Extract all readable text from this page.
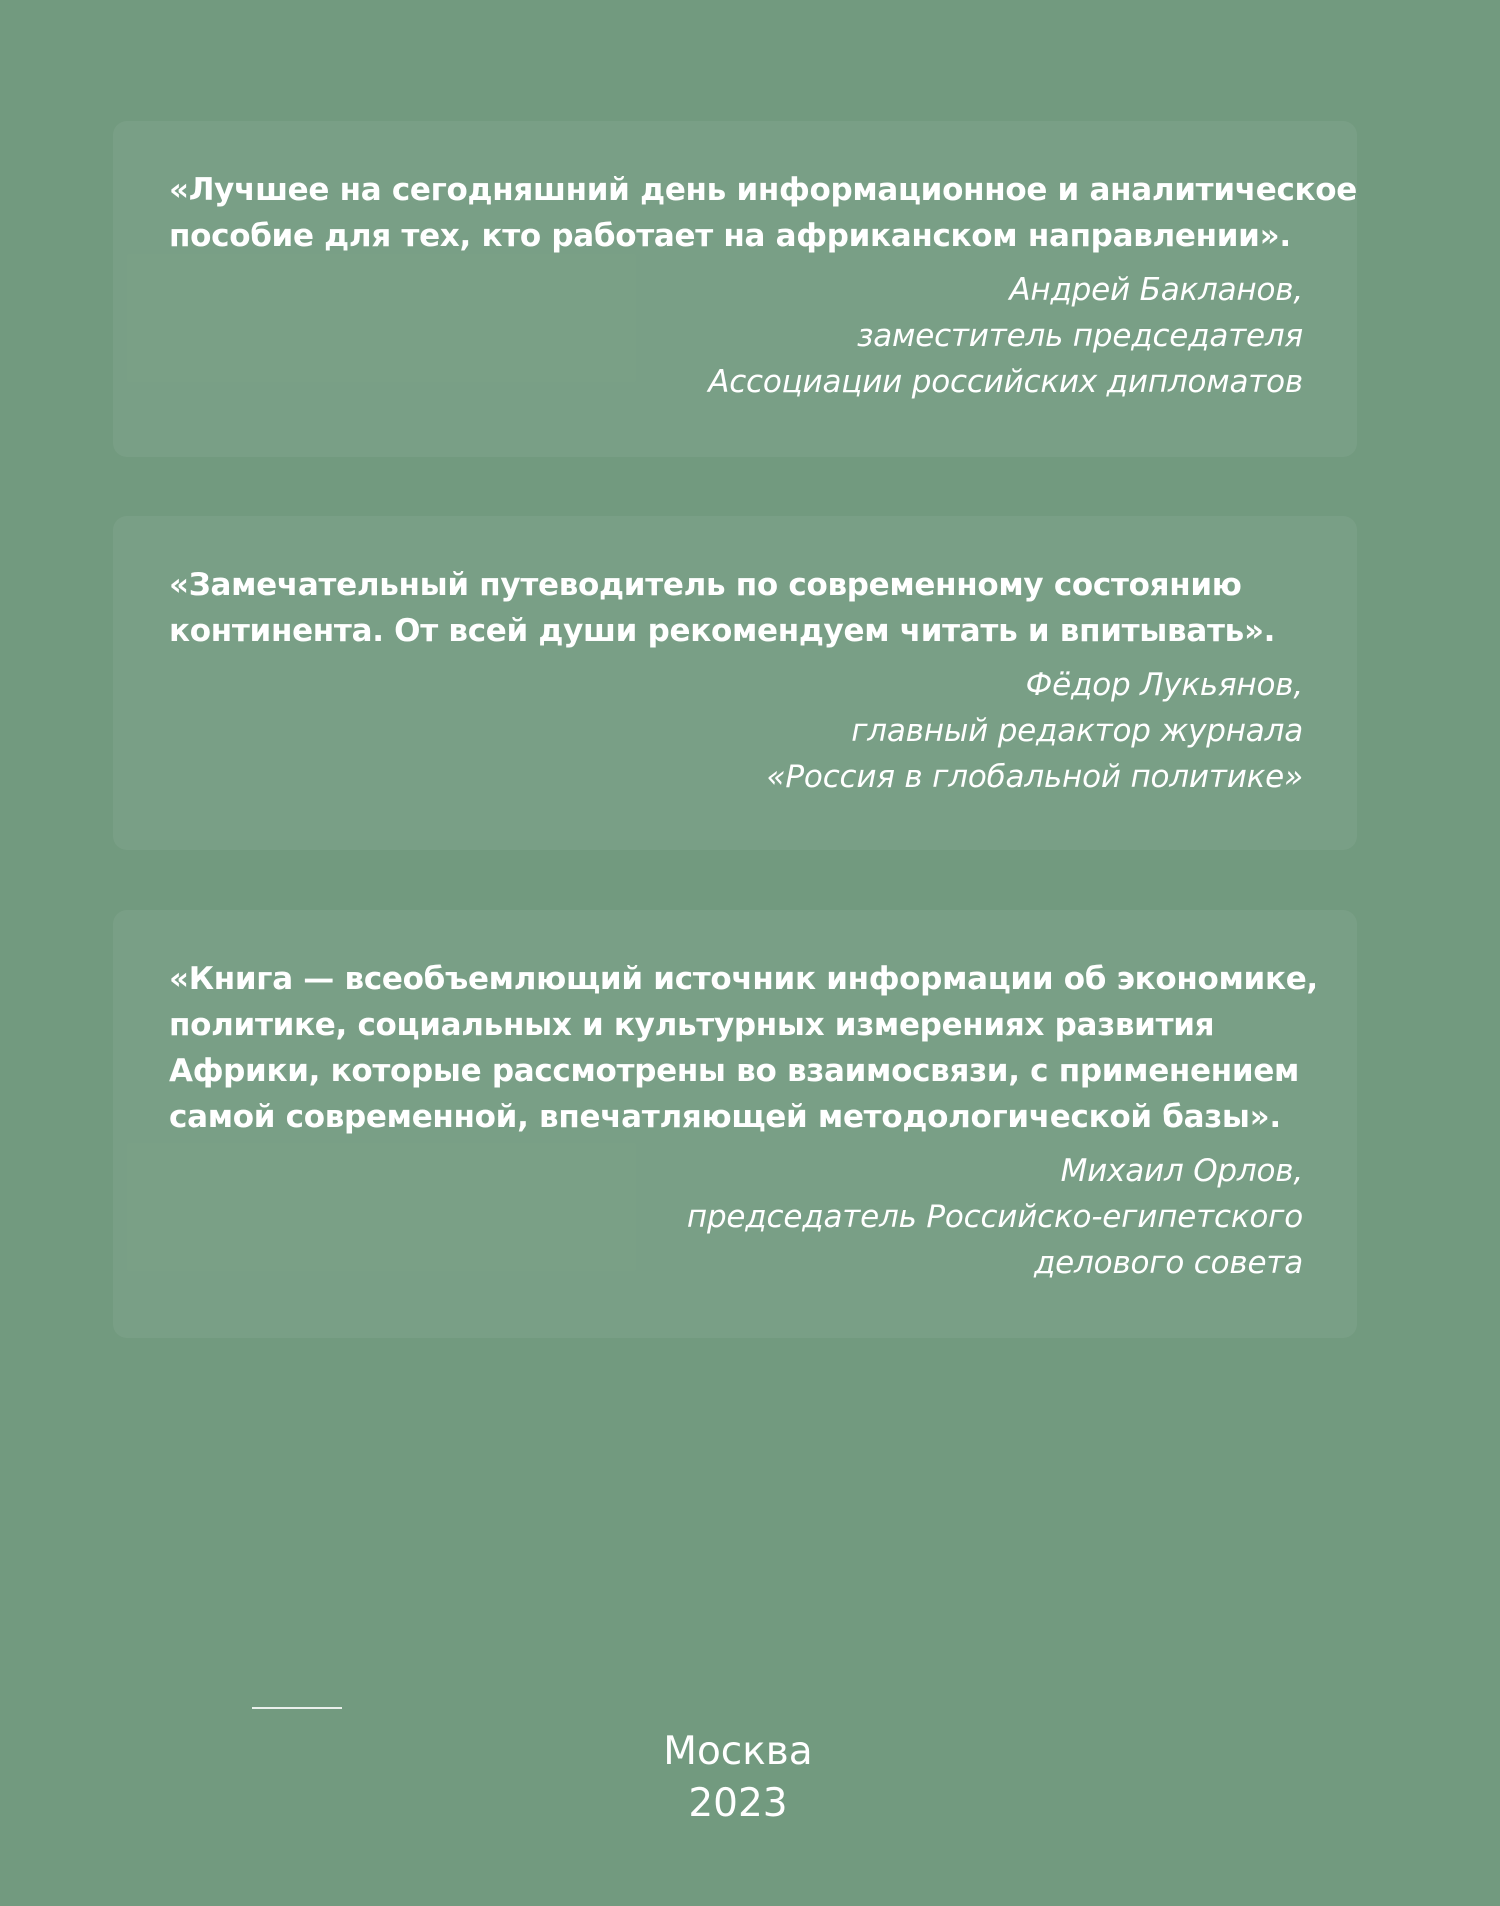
«Лучшее на сегодняшний день информационное и аналитическое
пособие для тех, кто работает на африканском направлении».

Андрей Бакланов,
заместитель председателя
Ассоциации российских дипломатов

«Замечательный путеводитель по современному состоянию
континента. От всей души рекомендуем читать и впитывать».

Фёдор Лукьянов,
главный редактор журнала
«Россия в глобальной политике»

«Книга — всеобъемлющий источник информации об экономике,
политике, социальных и культурных измерениях развития
Африки, которые рассмотрены во взаимосвязи, с применением
самой современной, впечатляющей методологической базы».

Михаил Орлов,
председатель Российско-египетского
делового совета
Москва
2023
